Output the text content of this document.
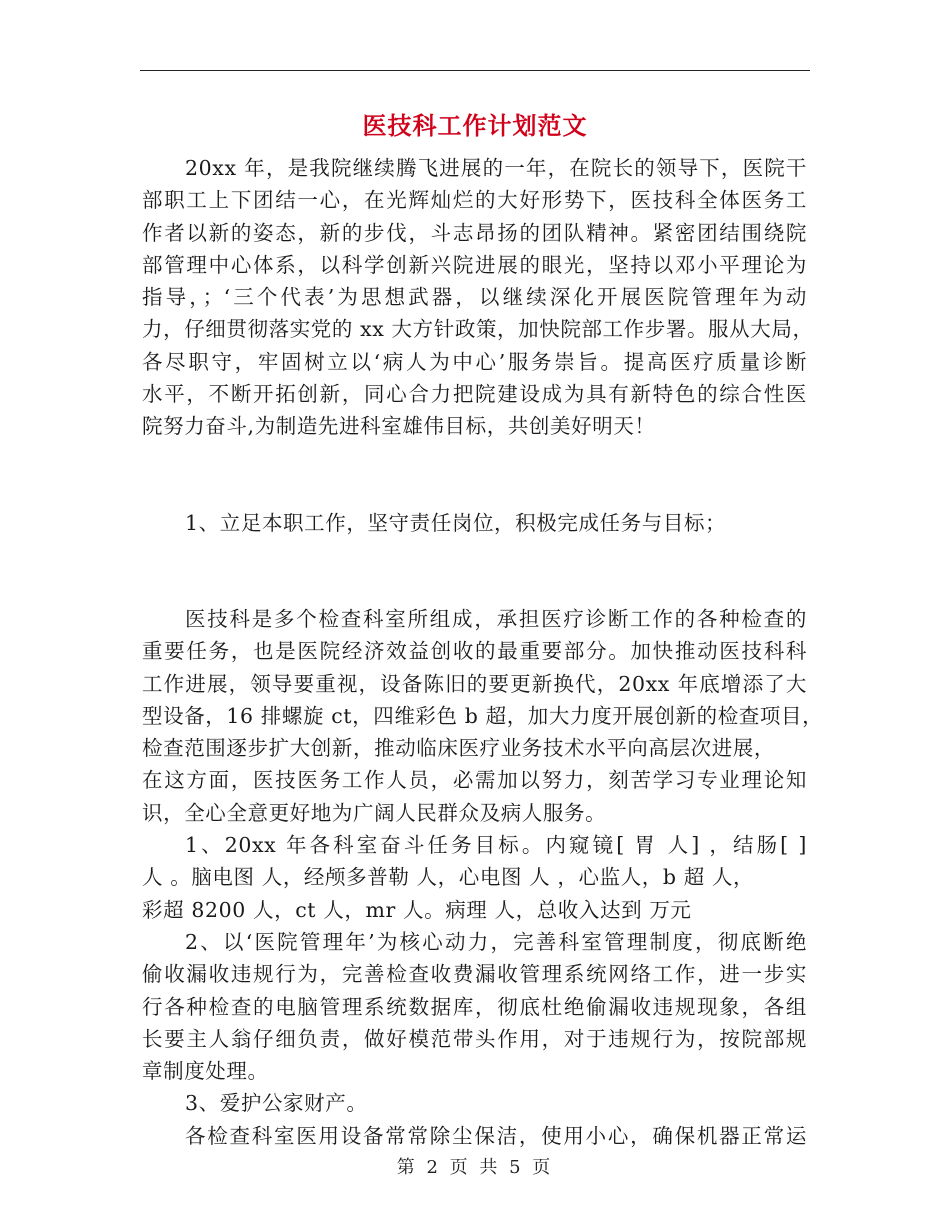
医技科工作计划范文

20xx 年，是我院继续腾飞进展的一年，在院长的领导下，医院干
部职工上下团结一心，在光辉灿烂的大好形势下，医技科全体医务工
作者以新的姿态，新的步伐，斗志昂扬的团队精神。紧密团结围绕院
部管理中心体系，以科学创新兴院进展的眼光，坚持以邓小平理论为
指导，；‘三个代表’为思想武器，以继续深化开展医院管理年为动
力，仔细贯彻落实党的 xx 大方针政策，加快院部工作步署。服从大局，
各尽职守，牢固树立以‘病人为中心’服务崇旨。提高医疗质量诊断
水平，不断开拓创新，同心合力把院建设成为具有新特色的综合性医
院努力奋斗,为制造先进科室雄伟目标，共创美好明天！

1、立足本职工作，坚守责任岗位，积极完成任务与目标；

医技科是多个检查科室所组成，承担医疗诊断工作的各种检查的
重要任务，也是医院经济效益创收的最重要部分。加快推动医技科科
工作进展，领导要重视，设备陈旧的要更新换代，20xx 年底增添了大
型设备，16 排螺旋 ct，四维彩色 b 超，加大力度开展创新的检查项目，
检查范围逐步扩大创新，推动临床医疗业务技术水平向高层次进展，
在这方面，医技医务工作人员，必需加以努力，刻苦学习专业理论知
识，全心全意更好地为广阔人民群众及病人服务。

1、20xx 年各科室奋斗任务目标。内窥镜[ 胃 人] ，结肠[ ]
人 。脑电图 人，经颅多普勒 人，心电图 人 ，心监人，b 超 人，
彩超 8200 人，ct 人，mr 人。病理 人，总收入达到 万元

2、以‘医院管理年’为核心动力，完善科室管理制度，彻底断绝
偷收漏收违规行为，完善检查收费漏收管理系统网络工作，进一步实
行各种检查的电脑管理系统数据库，彻底杜绝偷漏收违规现象，各组
长要主人翁仔细负责，做好模范带头作用，对于违规行为，按院部规
章制度处理。

3、爱护公家财产。

各检查科室医用设备常常除尘保洁，使用小心，确保机器正常运

第 2 页 共 5 页
